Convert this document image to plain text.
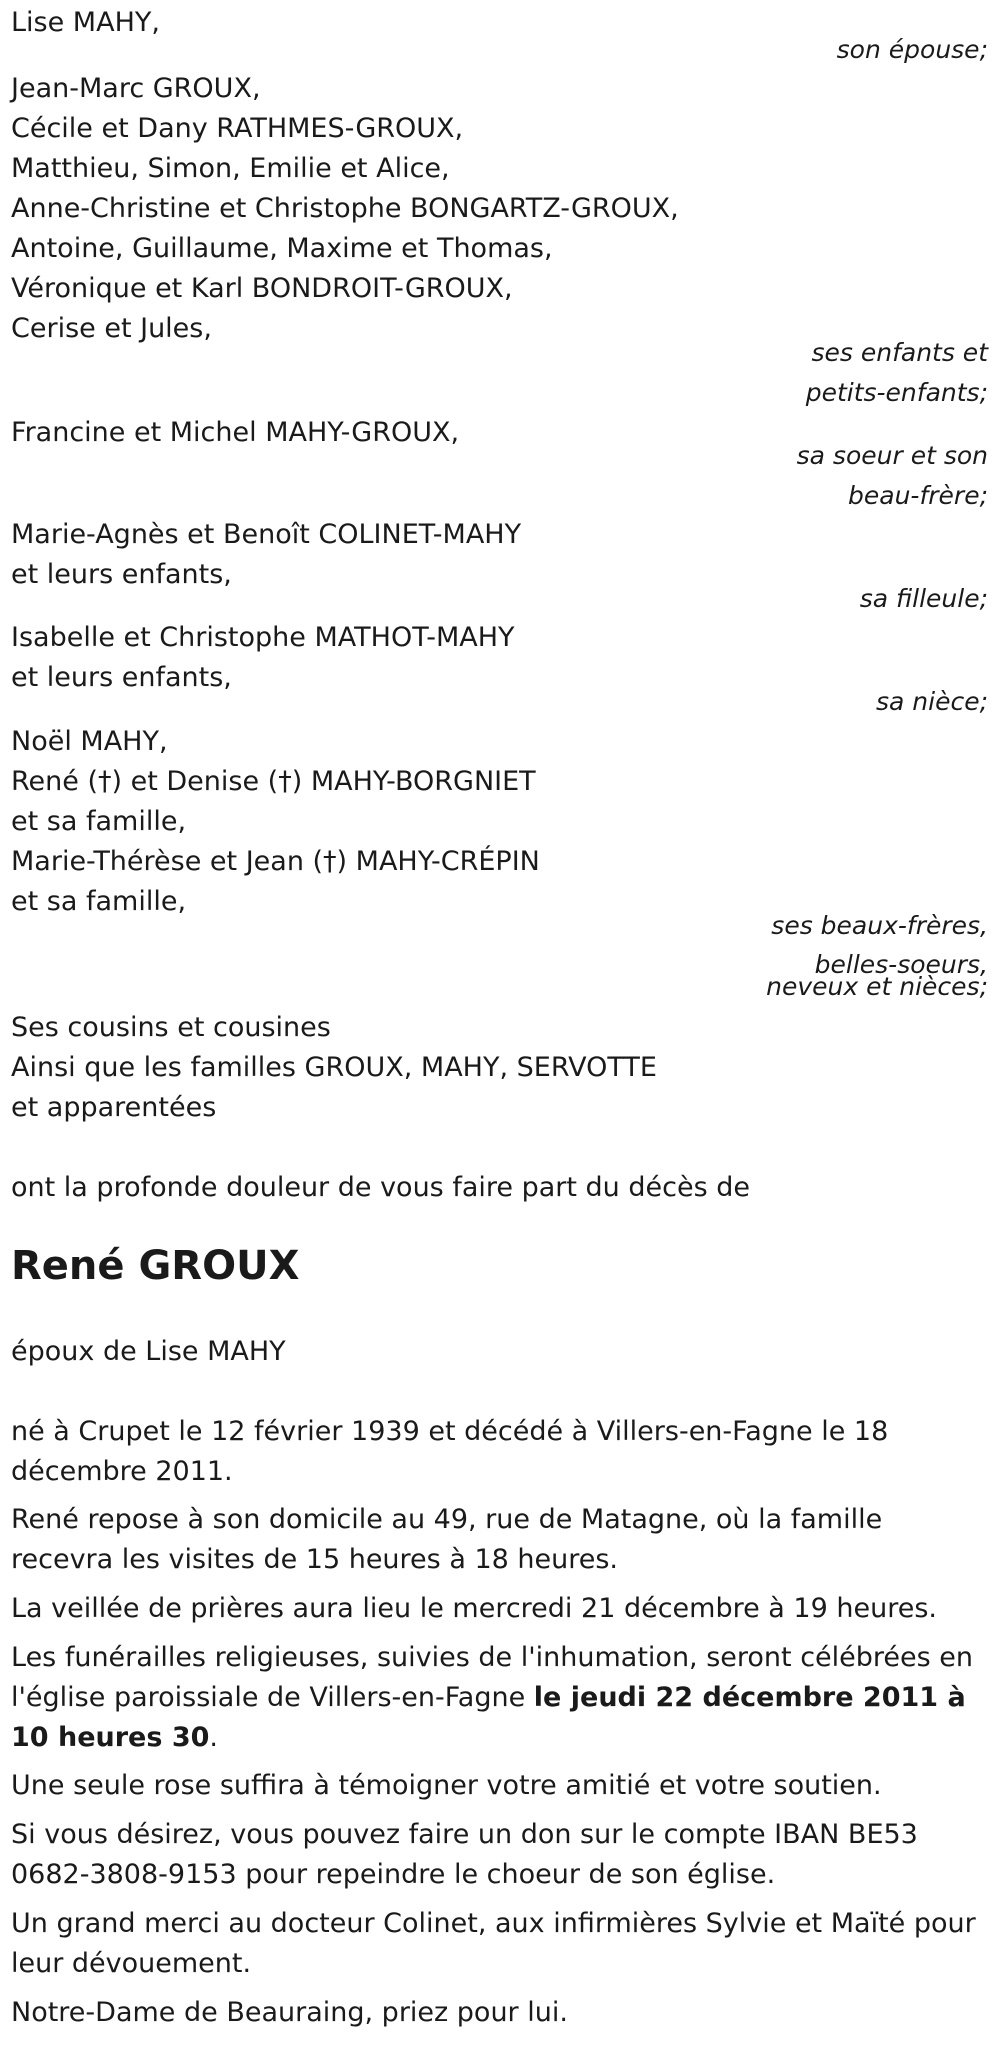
Lise MAHY,
son épouse;
Jean-Marc GROUX,
Cécile et Dany RATHMES-GROUX,
Matthieu, Simon, Emilie et Alice,
Anne-Christine et Christophe BONGARTZ-GROUX,
Antoine, Guillaume, Maxime et Thomas,
Véronique et Karl BONDROIT-GROUX,
Cerise et Jules,
ses enfants et
petits-enfants;
Francine et Michel MAHY-GROUX,
sa soeur et son
beau-frère;
Marie-Agnès et Benoît COLINET-MAHY
et leurs enfants,
sa filleule;
Isabelle et Christophe MATHOT-MAHY
et leurs enfants,
sa nièce;
Noël MAHY,
René (†) et Denise (†) MAHY-BORGNIET
et sa famille,
Marie-Thérèse et Jean (†) MAHY-CRÉPIN
et sa famille,
ses beaux-frères,
belles-soeurs,
neveux et nièces;
Ses cousins et cousines
Ainsi que les familles GROUX, MAHY, SERVOTTE
et apparentées
ont la profonde douleur de vous faire part du décès de
René GROUX
époux de Lise MAHY
né à Crupet le 12 février 1939 et décédé à Villers-en-Fagne le 18 décembre 2011.
René repose à son domicile au 49, rue de Matagne, où la famille recevra les visites de 15 heures à 18 heures.
La veillée de prières aura lieu le mercredi 21 décembre à 19 heures.
Les funérailles religieuses, suivies de l'inhumation, seront célébrées en l'église paroissiale de Villers-en-Fagne le jeudi 22 décembre 2011 à 10 heures 30.
Une seule rose suffira à témoigner votre amitié et votre soutien.
Si vous désirez, vous pouvez faire un don sur le compte IBAN BE53 0682-3808-9153 pour repeindre le choeur de son église.
Un grand merci au docteur Colinet, aux infirmières Sylvie et Maïté pour leur dévouement.
Notre-Dame de Beauraing, priez pour lui.
